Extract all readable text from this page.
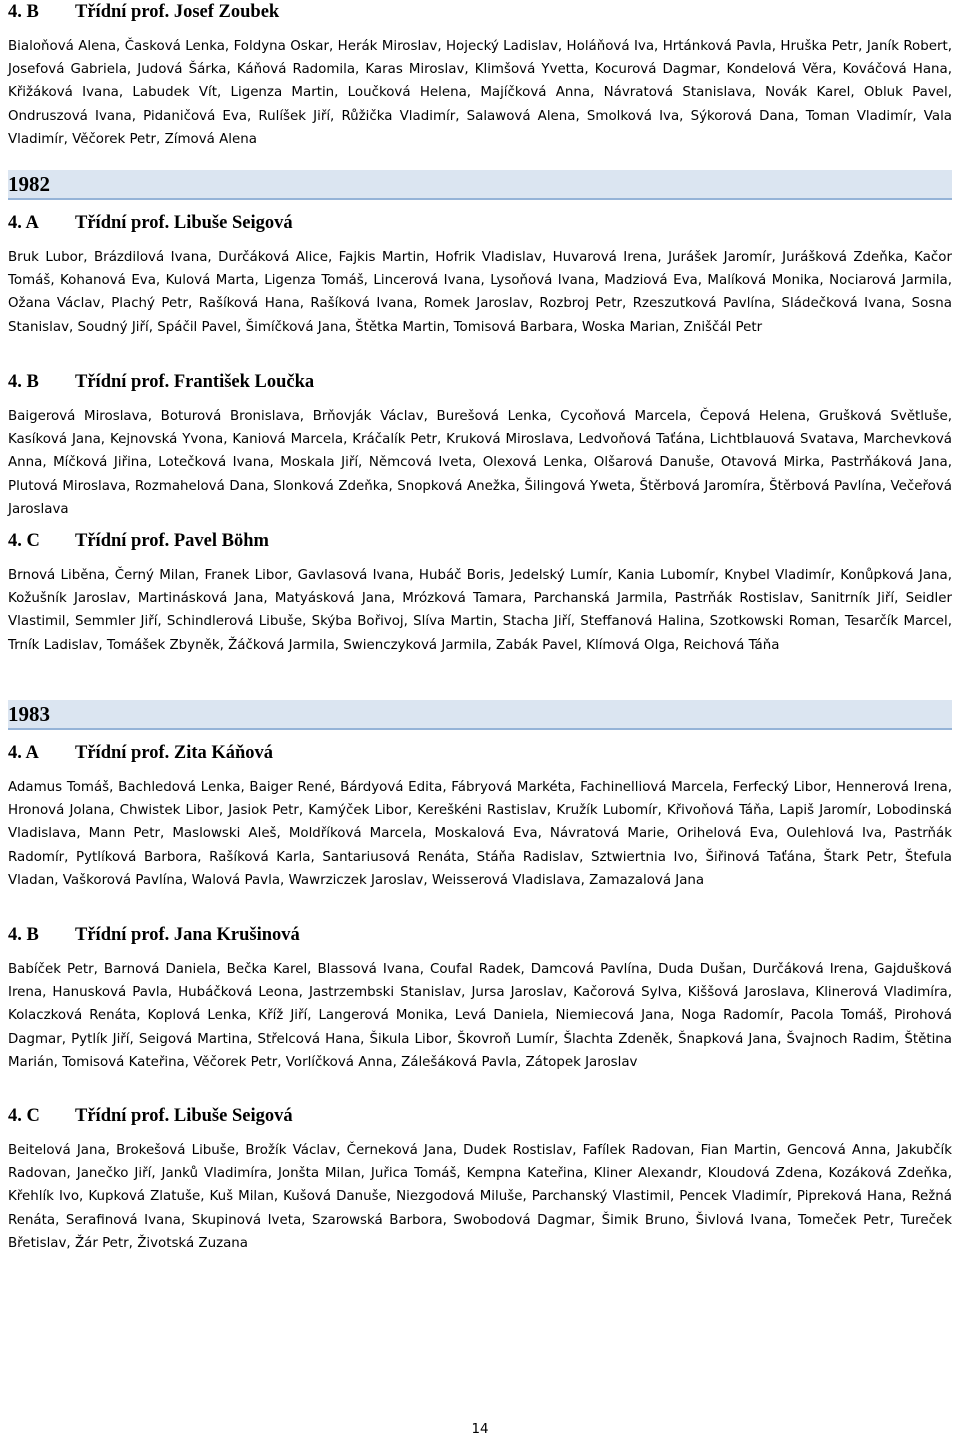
4. B Třídní prof. Josef Zoubek

Bialoňová Alena, Časková Lenka, Foldyna Oskar, Herák Miroslav, Hojecký Ladislav, Holáňová Iva, Hrtánková Pavla, Hruška Petr, Janík Robert, Josefová Gabriela, Judová Šárka, Káňová Radomila, Karas Miroslav, Klimšová Yvetta, Kocurová Dagmar, Kondelová Věra, Kováčová Hana, Křižáková Ivana, Labudek Vít, Ligenza Martin, Loučková Helena, Majíčková Anna, Návratová Stanislava, Novák Karel, Obluk Pavel, Ondruszová Ivana, Pidaničová Eva, Rulíšek Jiří, Růžička Vladimír, Salawová Alena, Smolková Iva, Sýkorová Dana, Toman Vladimír, Vala Vladimír, Věčorek Petr, Zímová Alena

1982
4. A Třídní prof. Libuše Seigová

Bruk Lubor, Brázdilová Ivana, Durčáková Alice, Fajkis Martin, Hofrik Vladislav, Huvarová Irena, Jurášek Jaromír, Jurášková Zdeňka, Kačor Tomáš, Kohanová Eva, Kulová Marta, Ligenza Tomáš, Lincerová Ivana, Lysoňová Ivana, Madziová Eva, Malíková Monika, Nociarová Jarmila, Ožana Václav, Plachý Petr, Rašíková Hana, Rašíková Ivana, Romek Jaroslav, Rozbroj Petr, Rzeszutková Pavlína, Sládečková Ivana, Sosna Stanislav, Soudný Jiří, Spáčil Pavel, Šimíčková Jana, Štětka Martin, Tomisová Barbara, Woska Marian, Zniščál Petr

4. B Třídní prof. František Loučka

Baigerová Miroslava, Boturová Bronislava, Brňovják Václav, Burešová Lenka, Cycoňová Marcela, Čepová Helena, Grušková Světluše, Kasíková Jana, Kejnovská Yvona, Kaniová Marcela, Kráčalík Petr, Kruková Miroslava, Ledvoňová Taťána, Lichtblauová Svatava, Marchevková Anna, Míčková Jiřina, Lotečková Ivana, Moskala Jiří, Němcová Iveta, Olexová Lenka, Olšarová Danuše, Otavová Mirka, Pastrňáková Jana, Plutová Miroslava, Rozmahelová Dana, Slonková Zdeňka, Snopková Anežka, Šilingová Yweta, Štěrbová Jaromíra, Štěrbová Pavlína, Večeřová Jaroslava

4. C Třídní prof. Pavel Böhm

Brnová Liběna, Černý Milan, Franek Libor, Gavlasová Ivana, Hubáč Boris, Jedelský Lumír, Kania Lubomír, Knybel Vladimír, Konůpková Jana, Kožušník Jaroslav, Martinásková Jana, Matyásková Jana, Mrózková Tamara, Parchanská Jarmila, Pastrňák Rostislav, Sanitrník Jiří, Seidler Vlastimil, Semmler Jiří, Schindlerová Libuše, Skýba Bořivoj, Slíva Martin, Stacha Jiří, Steffanová Halina, Szotkowski Roman, Tesarčík Marcel, Trník Ladislav, Tomášek Zbyněk, Žáčková Jarmila, Swienczyková Jarmila, Zabák Pavel, Klímová Olga, Reichová Táňa

1983
4. A Třídní prof. Zita Káňová

Adamus Tomáš, Bachledová Lenka, Baiger René, Bárdyová Edita, Fábryová Markéta, Fachinelliová Marcela, Ferfecký Libor, Hennerová Irena, Hronová Jolana, Chwistek Libor, Jasiok Petr, Kamýček Libor, Kereškéni Rastislav, Kružík Lubomír, Křivoňová Táňa, Lapiš Jaromír, Lobodinská Vladislava, Mann Petr, Maslowski Aleš, Moldříková Marcela, Moskalová Eva, Návratová Marie, Orihelová Eva, Oulehlová Iva, Pastrňák Radomír, Pytlíková Barbora, Rašíková Karla, Santariusová Renáta, Stáňa Radislav, Sztwiertnia Ivo, Šiřinová Taťána, Štark Petr, Štefula Vladan, Vaškorová Pavlína, Walová Pavla, Wawrziczek Jaroslav, Weisserová Vladislava, Zamazalová Jana

4. B Třídní prof. Jana Krušinová

Babíček Petr, Barnová Daniela, Bečka Karel, Blassová Ivana, Coufal Radek, Damcová Pavlína, Duda Dušan, Durčáková Irena, Gajdušková Irena, Hanusková Pavla, Hubáčková Leona, Jastrzembski Stanislav, Jursa Jaroslav, Kačorová Sylva, Kiššová Jaroslava, Klinerová Vladimíra, Kolaczková Renáta, Koplová Lenka, Kříž Jiří, Langerová Monika, Levá Daniela, Niemiecová Jana, Noga Radomír, Pacola Tomáš, Pirohová Dagmar, Pytlík Jiří, Seigová Martina, Střelcová Hana, Šikula Libor, Škovroň Lumír, Šlachta Zdeněk, Šnapková Jana, Švajnoch Radim, Štětina Marián, Tomisová Kateřina, Věčorek Petr, Vorlíčková Anna, Zálešáková Pavla, Zátopek Jaroslav

4. C Třídní prof. Libuše Seigová

Beitelová Jana, Brokešová Libuše, Brožík Václav, Černeková Jana, Dudek Rostislav, Fafílek Radovan, Fian Martin, Gencová Anna, Jakubčík Radovan, Janečko Jiří, Janků Vladimíra, Jonšta Milan, Juřica Tomáš, Kempna Kateřina, Kliner Alexandr, Kloudová Zdena, Kozáková Zdeňka, Křehlík Ivo, Kupková Zlatuše, Kuš Milan, Kušová Danuše, Niezgodová Miluše, Parchanský Vlastimil, Pencek Vladimír, Pipreková Hana, Režná Renáta, Serafinová Ivana, Skupinová Iveta, Szarowská Barbora, Swobodová Dagmar, Šimik Bruno, Šivlová Ivana, Tomeček Petr, Tureček Břetislav, Žár Petr, Životská Zuzana

14
